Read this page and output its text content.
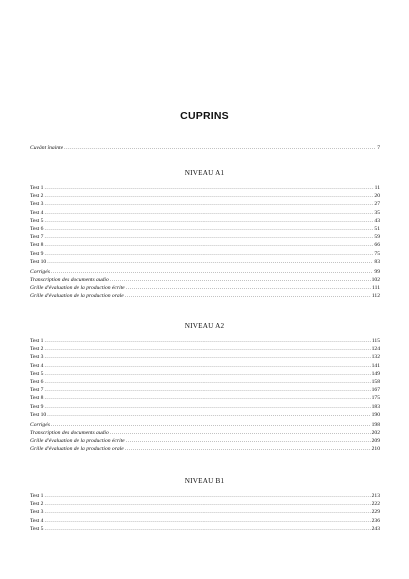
CUPRINS
Cuvânt înainte .....	7
NIVEAU A1
Test 1 .....	11
Test 2 .....	20
Test 3 .....	27
Test 4 .....	35
Test 5 .....	43
Test 6 .....	51
Test 7 .....	59
Test 8 .....	66
Test 9 .....	75
Test 10 .....	83
Corrigés .....	99
Transcription des documents audio .....	102
Grille d'évaluation de la production écrite .....	111
Grille d'évaluation de la production orale .....	112
NIVEAU A2
Test 1 .....	115
Test 2 .....	124
Test 3 .....	132
Test 4 .....	141
Test 5 .....	149
Test 6 .....	158
Test 7 .....	167
Test 8 .....	175
Test 9 .....	183
Test 10 .....	190
Corrigés .....	198
Transcription des documents audio .....	202
Grille d'évaluation de la production écrite .....	209
Grille d'évaluation de la production orale .....	210
NIVEAU B1
Test 1 .....	213
Test 2 .....	222
Test 3 .....	229
Test 4 .....	236
Test 5 .....	243
